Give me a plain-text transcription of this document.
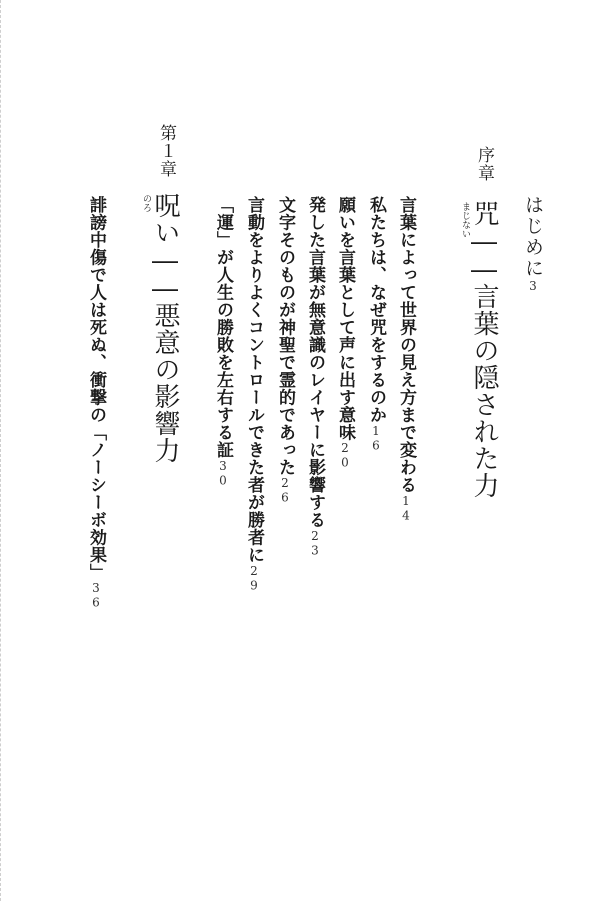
はじめに3
序章
咒
まじない
――言葉の隠された力
言葉によって世界の見え方まで変わる14
私たちは、なぜ咒をするのか16
願いを言葉として声に出す意味20
発した言葉が無意識のレイヤーに影響する23
文字そのものが神聖で霊的であった26
言動をよりよくコントロールできた者が勝者に29
「運」が人生の勝敗を左右する証30
第１章
呪い
のろ
――悪意の影響力
誹謗中傷で人は死ぬ、衝撃の「ノーシーボ効果」36
